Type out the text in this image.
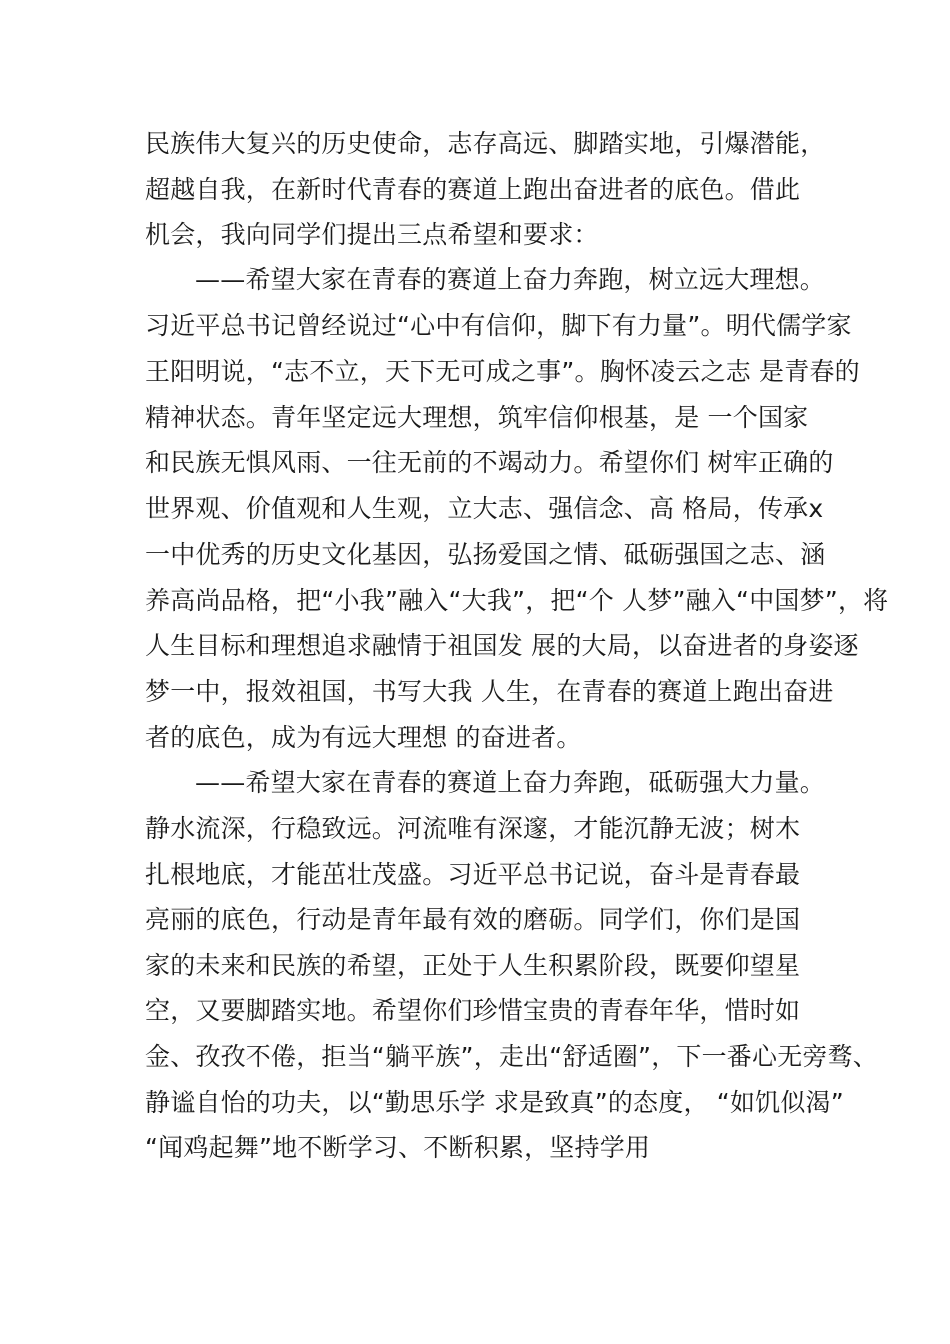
民族伟大复兴的历史使命，志存高远、脚踏实地，引爆潜能，
超越自我，在新时代青春的赛道上跑出奋进者的底色。借此
机会，我向同学们提出三点希望和要求：
——希望大家在青春的赛道上奋力奔跑，树立远大理想。
习近平总书记曾经说过“心中有信仰，脚下有力量”。明代儒学家
王阳明说，“志不立，天下无可成之事”。胸怀凌云之志 是青春的
精神状态。青年坚定远大理想，筑牢信仰根基，是 一个国家
和民族无惧风雨、一往无前的不竭动力。希望你们 树牢正确的
世界观、价值观和人生观，立大志、强信念、高 格局，传承x
一中优秀的历史文化基因，弘扬爱国之情、砥砺强国之志、涵
养高尚品格，把“小我”融入“大我”，把“个 人梦”融入“中国梦”，将
人生目标和理想追求融情于祖国发 展的大局，以奋进者的身姿逐
梦一中，报效祖国，书写大我 人生，在青春的赛道上跑出奋进
者的底色，成为有远大理想 的奋进者。
——希望大家在青春的赛道上奋力奔跑，砥砺强大力量。
静水流深，行稳致远。河流唯有深邃，才能沉静无波；树木
扎根地底，才能茁壮茂盛。习近平总书记说，奋斗是青春最
亮丽的底色，行动是青年最有效的磨砺。同学们，你们是国
家的未来和民族的希望，正处于人生积累阶段，既要仰望星
空，又要脚踏实地。希望你们珍惜宝贵的青春年华，惜时如
金、孜孜不倦，拒当“躺平族”，走出“舒适圈”，下一番心无旁骛、
静谧自怡的功夫，以“勤思乐学 求是致真”的态度， “如饥似渴”
“闻鸡起舞”地不断学习、不断积累，坚持学用
